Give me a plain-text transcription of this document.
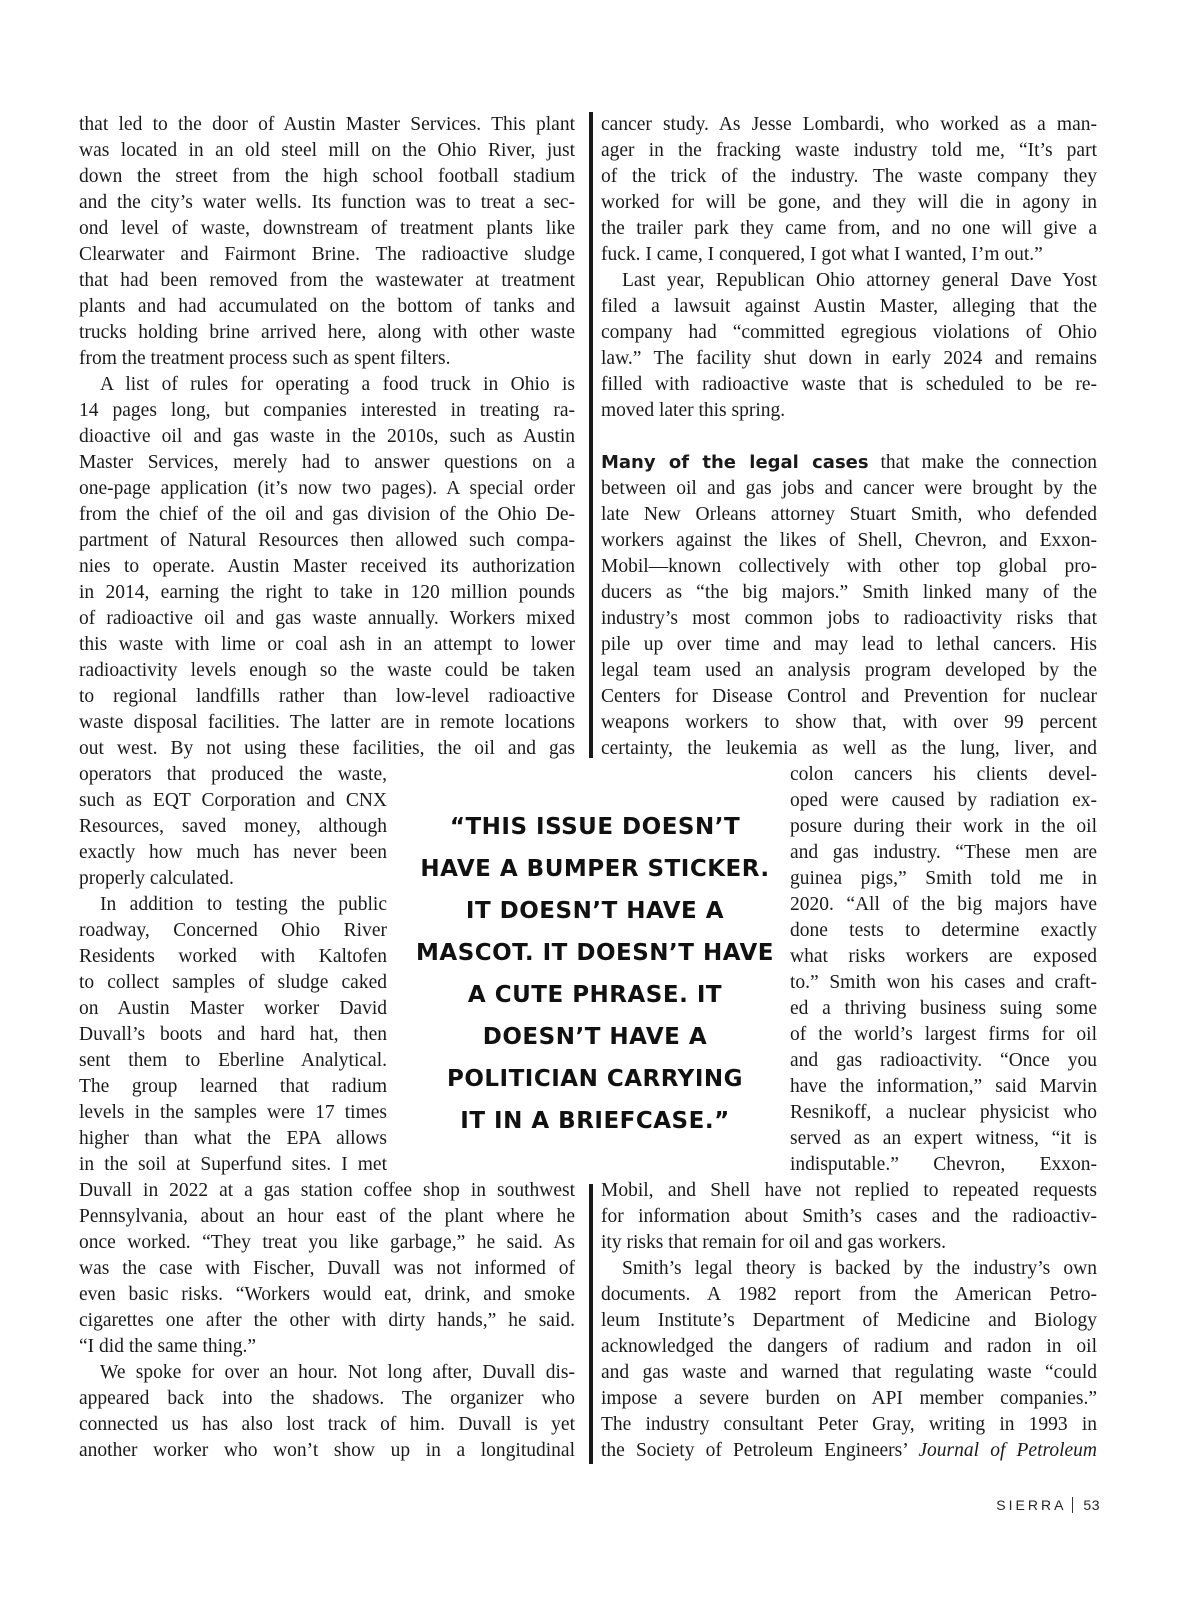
that led to the door of Austin Master Services. This plant
was located in an old steel mill on the Ohio River, just
down the street from the high school football stadium
and the city’s water wells. Its function was to treat a sec-
ond level of waste, downstream of treatment plants like
Clearwater and Fairmont Brine. The radioactive sludge
that had been removed from the wastewater at treatment
plants and had accumulated on the bottom of tanks and
trucks holding brine arrived here, along with other waste
from the treatment process such as spent filters.
A list of rules for operating a food truck in Ohio is
14 pages long, but companies interested in treating ra-
dioactive oil and gas waste in the 2010s, such as Austin
Master Services, merely had to answer questions on a
one-page application (it’s now two pages). A special order
from the chief of the oil and gas division of the Ohio De-
partment of Natural Resources then allowed such compa-
nies to operate. Austin Master received its authorization
in 2014, earning the right to take in 120 million pounds
of radioactive oil and gas waste annually. Workers mixed
this waste with lime or coal ash in an attempt to lower
radioactivity levels enough so the waste could be taken
to regional landfills rather than low-level radioactive
waste disposal facilities. The latter are in remote locations
out west. By not using these facilities, the oil and gas
operators that produced the waste,
such as EQT Corporation and CNX
Resources, saved money, although
exactly how much has never been
properly calculated.
In addition to testing the public
roadway, Concerned Ohio River
Residents worked with Kaltofen
to collect samples of sludge caked
on Austin Master worker David
Duvall’s boots and hard hat, then
sent them to Eberline Analytical.
The group learned that radium
levels in the samples were 17 times
higher than what the EPA allows
in the soil at Superfund sites. I met
Duvall in 2022 at a gas station coffee shop in southwest
Pennsylvania, about an hour east of the plant where he
once worked. “They treat you like garbage,” he said. As
was the case with Fischer, Duvall was not informed of
even basic risks. “Workers would eat, drink, and smoke
cigarettes one after the other with dirty hands,” he said.
“I did the same thing.”
We spoke for over an hour. Not long after, Duvall dis-
appeared back into the shadows. The organizer who
connected us has also lost track of him. Duvall is yet
another worker who won’t show up in a longitudinal
cancer study. As Jesse Lombardi, who worked as a man-
ager in the fracking waste industry told me, “It’s part
of the trick of the industry. The waste company they
worked for will be gone, and they will die in agony in
the trailer park they came from, and no one will give a
fuck. I came, I conquered, I got what I wanted, I’m out.”
Last year, Republican Ohio attorney general Dave Yost
filed a lawsuit against Austin Master, alleging that the
company had “committed egregious violations of Ohio
law.” The facility shut down in early 2024 and remains
filled with radioactive waste that is scheduled to be re-
moved later this spring.
Many of the legal cases that make the connection
between oil and gas jobs and cancer were brought by the
late New Orleans attorney Stuart Smith, who defended
workers against the likes of Shell, Chevron, and Exxon-
Mobil—known collectively with other top global pro-
ducers as “the big majors.” Smith linked many of the
industry’s most common jobs to radioactivity risks that
pile up over time and may lead to lethal cancers. His
legal team used an analysis program developed by the
Centers for Disease Control and Prevention for nuclear
weapons workers to show that, with over 99 percent
certainty, the leukemia as well as the lung, liver, and
colon cancers his clients devel-
oped were caused by radiation ex-
posure during their work in the oil
and gas industry. “These men are
guinea pigs,” Smith told me in
2020. “All of the big majors have
done tests to determine exactly
what risks workers are exposed
to.” Smith won his cases and craft-
ed a thriving business suing some
of the world’s largest firms for oil
and gas radioactivity. “Once you
have the information,” said Marvin
Resnikoff, a nuclear physicist who
served as an expert witness, “it is
indisputable.” Chevron, Exxon-
Mobil, and Shell have not replied to repeated requests
for information about Smith’s cases and the radioactiv-
ity risks that remain for oil and gas workers.
Smith’s legal theory is backed by the industry’s own
documents. A 1982 report from the American Petro-
leum Institute’s Department of Medicine and Biology
acknowledged the dangers of radium and radon in oil
and gas waste and warned that regulating waste “could
impose a severe burden on API member companies.”
The industry consultant Peter Gray, writing in 1993 in
the Society of Petroleum Engineers’ Journal of Petroleum
“THIS ISSUE DOESN’T
HAVE A BUMPER STICKER.
IT DOESN’T HAVE A
MASCOT. IT DOESN’T HAVE
A CUTE PHRASE. IT
DOESN’T HAVE A
POLITICIAN CARRYING
IT IN A BRIEFCASE.”
SIERRA 53
